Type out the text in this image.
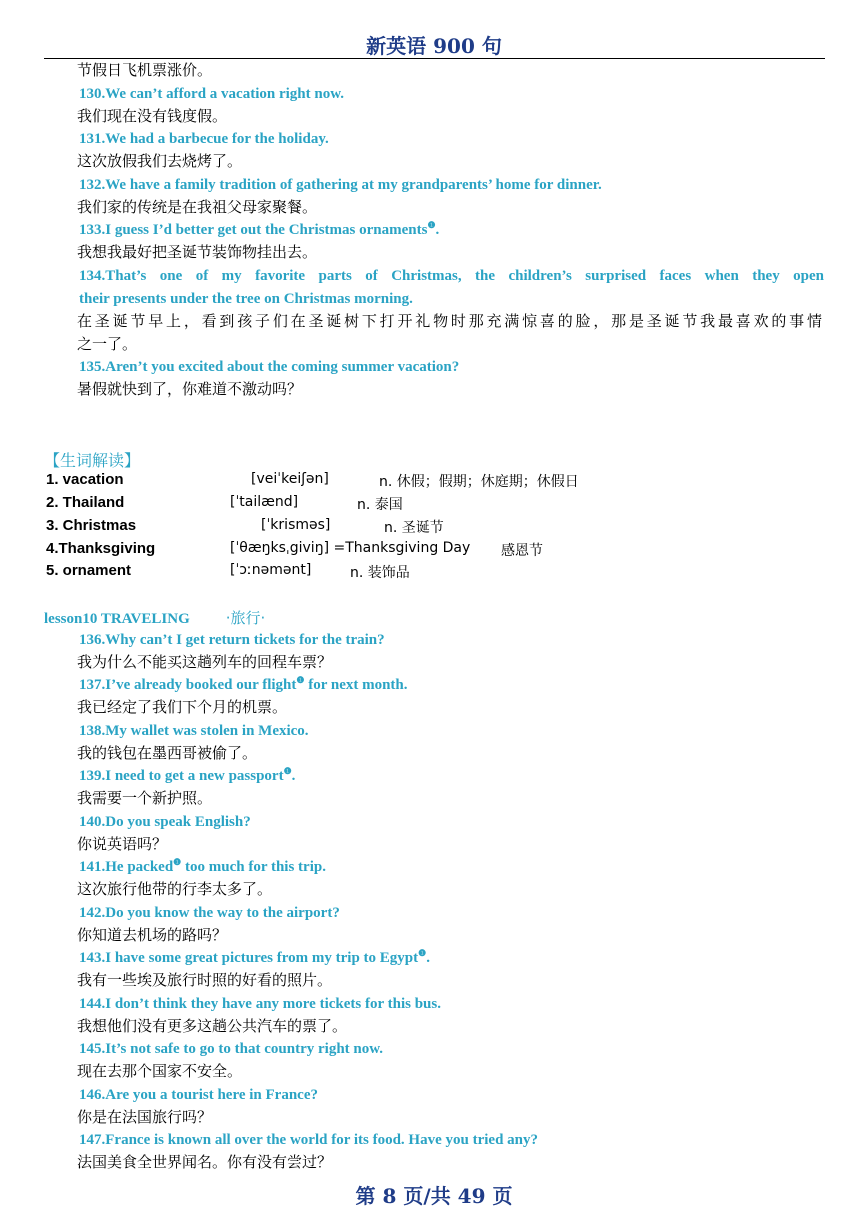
新英语 900 句
节假日飞机票涨价。
130.We can’t afford a vacation right now.
我们现在没有钱度假。
131.We had a barbecue for the holiday.
这次放假我们去烧烤了。
132.We have a family tradition of gathering at my grandparents’ home for dinner.
我们家的传统是在我祖父母家聚餐。
133.I guess I’d better get out the Christmas ornaments$^❶$.
我想我最好把圣诞节装饰物挂出去。
134.That’s one of my favorite parts of Christmas, the children’s surprised faces when they open
their presents under the tree on Christmas morning.
在圣诞节早上，看到孩子们在圣诞树下打开礼物时那充满惊喜的脸，那是圣诞节我最喜欢的事情
之一了。
135.Aren’t you excited about the coming summer vacation?
暑假就快到了，你难道不激动吗？
【生词解读】
1. vacation	[veiˈkeiʃən]	n. 休假；假期；休庭期；休假日
2. Thailand	[ˈtailænd]	n. 泰国
3. Christmas	[ˈkrisməs]	n. 圣诞节
4.Thanksgiving	[ˈθæŋksˌgiviŋ] =Thanksgiving Day 感恩节
5. ornament	[ˈɔːnəmənt]	n. 装饰品
lesson10 TRAVELING ·旅行·
136.Why can’t I get return tickets for the train?
我为什么不能买这趟列车的回程车票？
137.I’ve already booked our flight$^❶$ for next month.
我已经定了我们下个月的机票。
138.My wallet was stolen in Mexico.
我的钱包在墨西哥被偷了。
139.I need to get a new passport$^❶$.
我需要一个新护照。
140.Do you speak English?
你说英语吗？
141.He packed$^❶$ too much for this trip.
这次旅行他带的行李太多了。
142.Do you know the way to the airport?
你知道去机场的路吗？
143.I have some great pictures from my trip to Egypt$^❶$.
我有一些埃及旅行时照的好看的照片。
144.I don’t think they have any more tickets for this bus.
我想他们没有更多这趟公共汽车的票了。
145.It’s not safe to go to that country right now.
现在去那个国家不安全。
146.Are you a tourist here in France?
你是在法国旅行吗？
147.France is known all over the world for its food. Have you tried any?
法国美食全世界闻名。你有没有尝过？
第 8 页/共 49 页
